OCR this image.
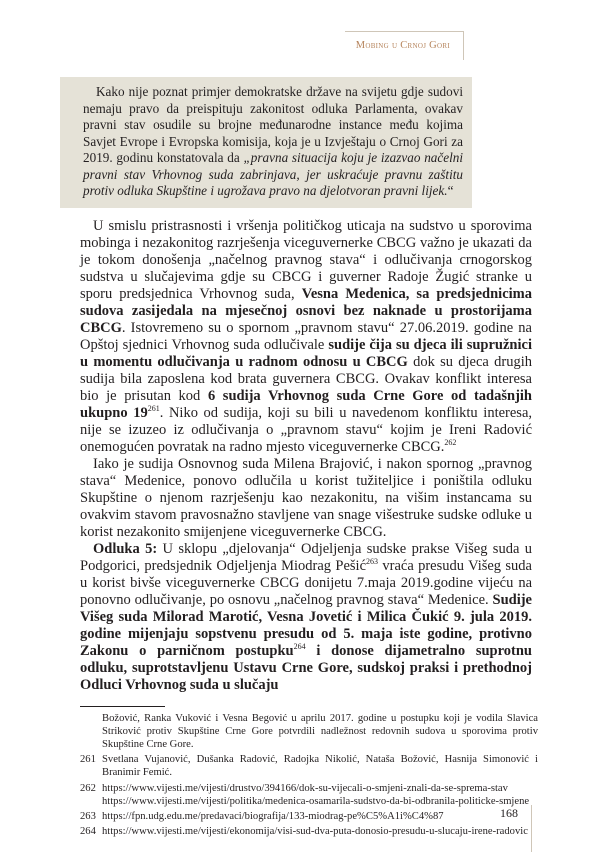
Mobing u Crnoj Gori

Kako nije poznat primjer demokratske države na svijetu gdje sudovi nemaju pravo da preispituju zakonitost odluka Parlamenta, ovakav pravni stav osudile su brojne međunarodne instance među kojima Savjet Evrope i Evropska komisija, koja je u Izvještaju o Crnoj Gori za 2019. godinu konstatovala da „pravna situacija koju je izazvao načelni pravni stav Vrhovnog suda zabrinjava, jer uskraćuje pravnu zaštitu protiv odluka Skupštine i ugrožava pravo na djelotvoran pravni lijek.“

U smislu pristrasnosti i vršenja političkog uticaja na sudstvo u sporovima mobinga i nezakonitog razrješenja viceguvernerke CBCG važno je ukazati da je tokom donošenja „načelnog pravnog stava“ i odlučivanja crnogorskog sudstva u slučajevima gdje su CBCG i guverner Radoje Žugić stranke u sporu predsjednica Vrhovnog suda, Vesna Medenica, sa predsjednicima sudova zasijedala na mjesečnoj osnovi bez naknade u prostorijama CBCG. Istovremeno su o spornom „pravnom stavu“ 27.06.2019. godine na Opštoj sjednici Vrhovnog suda odlučivale sudije čija su djeca ili supružnici u momentu odlučivanja u radnom odnosu u CBCG dok su djeca drugih sudija bila zaposlena kod brata guvernera CBCG. Ovakav konflikt interesa bio je prisutan kod 6 sudija Vrhovnog suda Crne Gore od tadašnjih ukupno $19^{261}$. Niko od sudija, koji su bili u navedenom konfliktu interesa, nije se izuzeo iz odlučivanja o „pravnom stavu“ kojim je Ireni Radović onemogućen povratak na radno mjesto viceguvernerke CBCG.$^{262}$

Iako je sudija Osnovnog suda Milena Brajović, i nakon spornog „pravnog stava“ Medenice, ponovo odlučila u korist tužiteljice i poništila odluku Skupštine o njenom razrješenju kao nezakonitu, na višim instancama su ovakvim stavom pravosnažno stavljene van snage višestruke sudske odluke u korist nezakonito smijenjene viceguvernerke CBCG.

Odluka 5: U sklopu „djelovanja“ Odjeljenja sudske prakse Višeg suda u Podgorici, predsjednik Odjeljenja Miodrag Pešić$^{263}$ vraća presudu Višeg suda u korist bivše viceguvernerke CBCG donijetu 7.maja 2019.godine vijeću na ponovno odlučivanje, po osnovu „načelnog pravnog stava“ Medenice. Sudije Višeg suda Milorad Marotić, Vesna Jovetić i Milica Čukić 9. jula 2019. godine mijenjaju sopstvenu presudu od 5. maja iste godine, protivno Zakonu o parničnom postupku$^{264}$ i donose dijametralno suprotnu odluku, suprotstavljenu Ustavu Crne Gore, sudskoj praksi i prethodnoj Odluci Vrhovnog suda u slučaju

Božović, Ranka Vuković i Vesna Begović u aprilu 2017. godine u postupku koji je vodila Slavica Striković protiv Skupštine Crne Gore potvrdili nadležnost redovnih sudova u sporovima protiv Skupštine Crne Gore.
261 Svetlana Vujanović, Dušanka Radović, Radojka Nikolić, Nataša Božović, Hasnija Simonović i Branimir Femić.
262 https://www.vijesti.me/vijesti/drustvo/394166/dok-su-vijecali-o-smjeni-znali-da-se-sprema-stav https://www.vijesti.me/vijesti/politika/medenica-osamarila-sudstvo-da-bi-odbranila-politicke-smjene
263 https://fpn.udg.edu.me/predavaci/biografija/133-miodrag-pe%C5%A1i%C4%87
264 https://www.vijesti.me/vijesti/ekonomija/visi-sud-dva-puta-donosio-presudu-u-slucaju-irene-radovic
168
